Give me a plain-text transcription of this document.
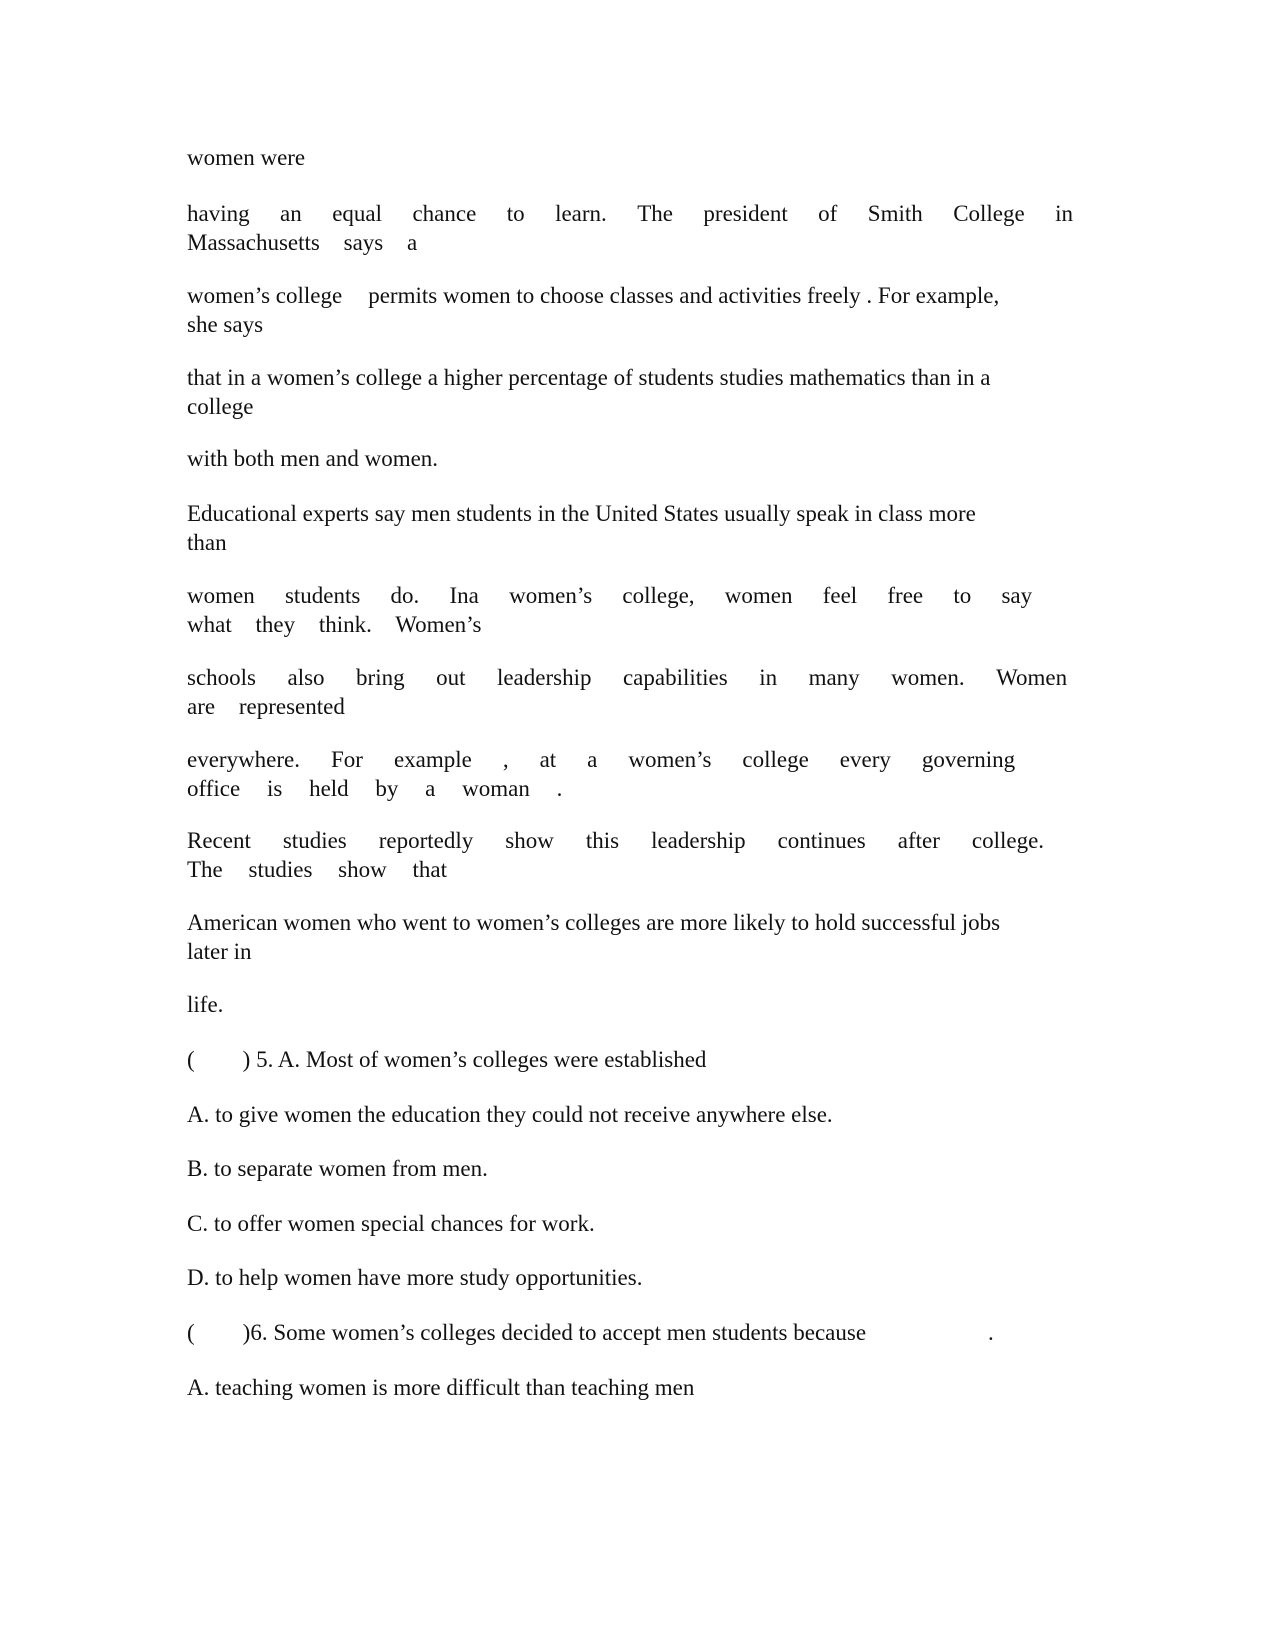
women were

having an equal chance to learn. The president of Smith College in
Massachusetts says a

women’s college permits women to choose classes and activities freely . For example,
she says

that in a women’s college a higher percentage of students studies mathematics than in a
college

with both men and women.

Educational experts say men students in the United States usually speak in class more
than

women students do. Ina women’s college, women feel free to say
what they think. Women’s

schools also bring out leadership capabilities in many women. Women
are represented

everywhere. For example , at a women’s college every governing
office is held by a woman .

Recent studies reportedly show this leadership continues after college.
The studies show that

American women who went to women’s colleges are more likely to hold successful jobs
later in

life.

( ) 5. A. Most of women’s colleges were established

A. to give women the education they could not receive anywhere else.

B. to separate women from men.

C. to offer women special chances for work.

D. to help women have more study opportunities.

( )6. Some women’s colleges decided to accept men students because	.

A. teaching women is more difficult than teaching men
